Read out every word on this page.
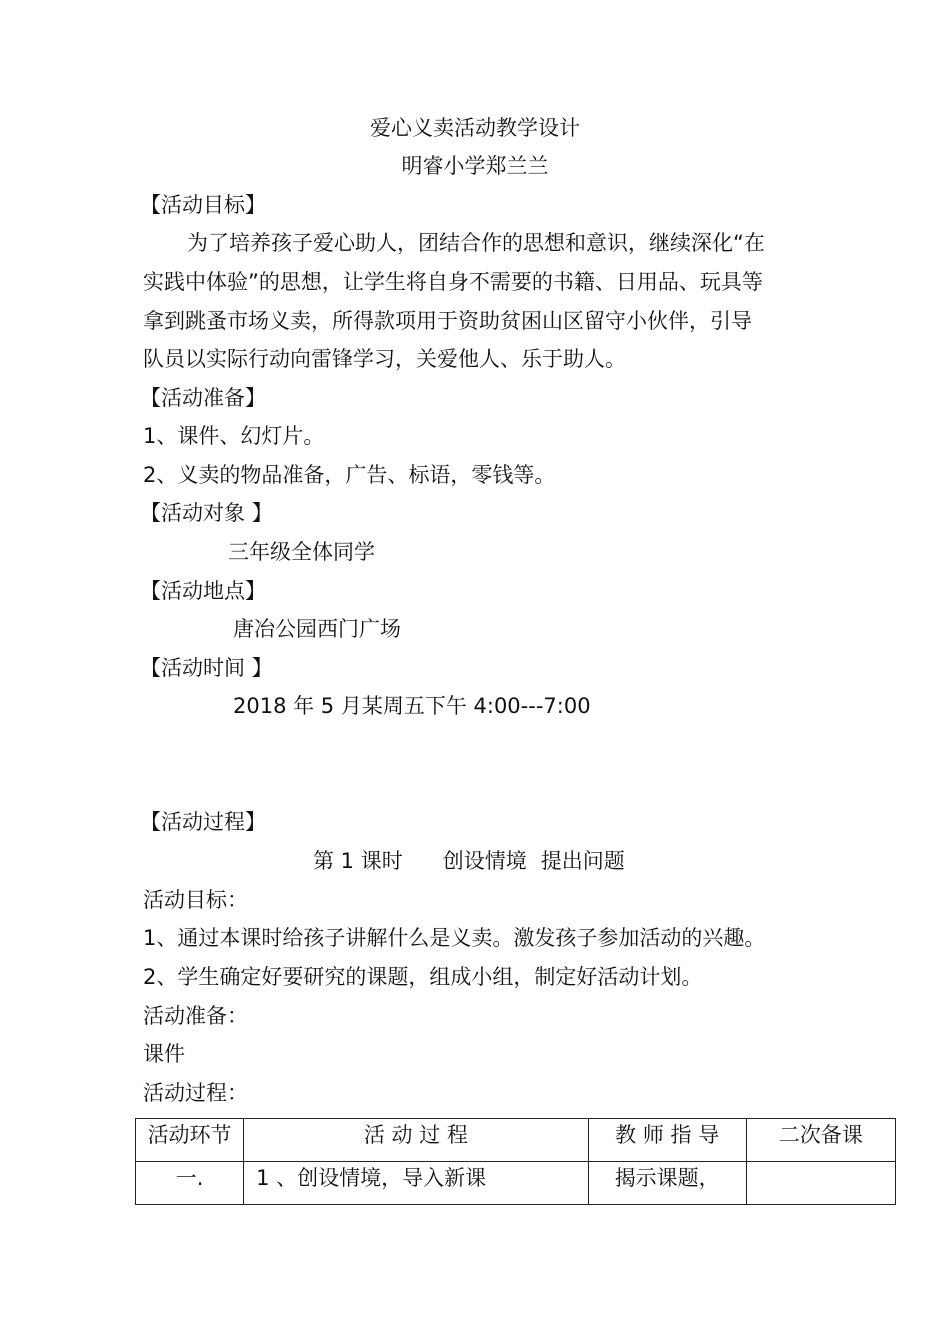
爱心义卖活动教学设计
明睿小学郑兰兰
【活动目标】
为了培养孩子爱心助人，团结合作的思想和意识，继续深化“在
实践中体验”的思想，让学生将自身不需要的书籍、日用品、玩具等
拿到跳蚤市场义卖，所得款项用于资助贫困山区留守小伙伴，引导
队员以实际行动向雷锋学习，关爱他人、乐于助人。
【活动准备】
1、课件、幻灯片。
2、义卖的物品准备，广告、标语，零钱等。
【活动对象 】
三年级全体同学
【活动地点】
唐冶公园西门广场
【活动时间 】
2018 年 5 月某周五下午 4:00---7:00
【活动过程】
第 1 课时 创设情境 提出问题
活动目标：
1、通过本课时给孩子讲解什么是义卖。激发孩子参加活动的兴趣。
2、学生确定好要研究的课题，组成小组，制定好活动计划。
活动准备：
课件
活动过程：
活动环节	活 动 过 程	教 师 指 导	二次备课
一.	1 、创设情境，导入新课	揭示课题，	
